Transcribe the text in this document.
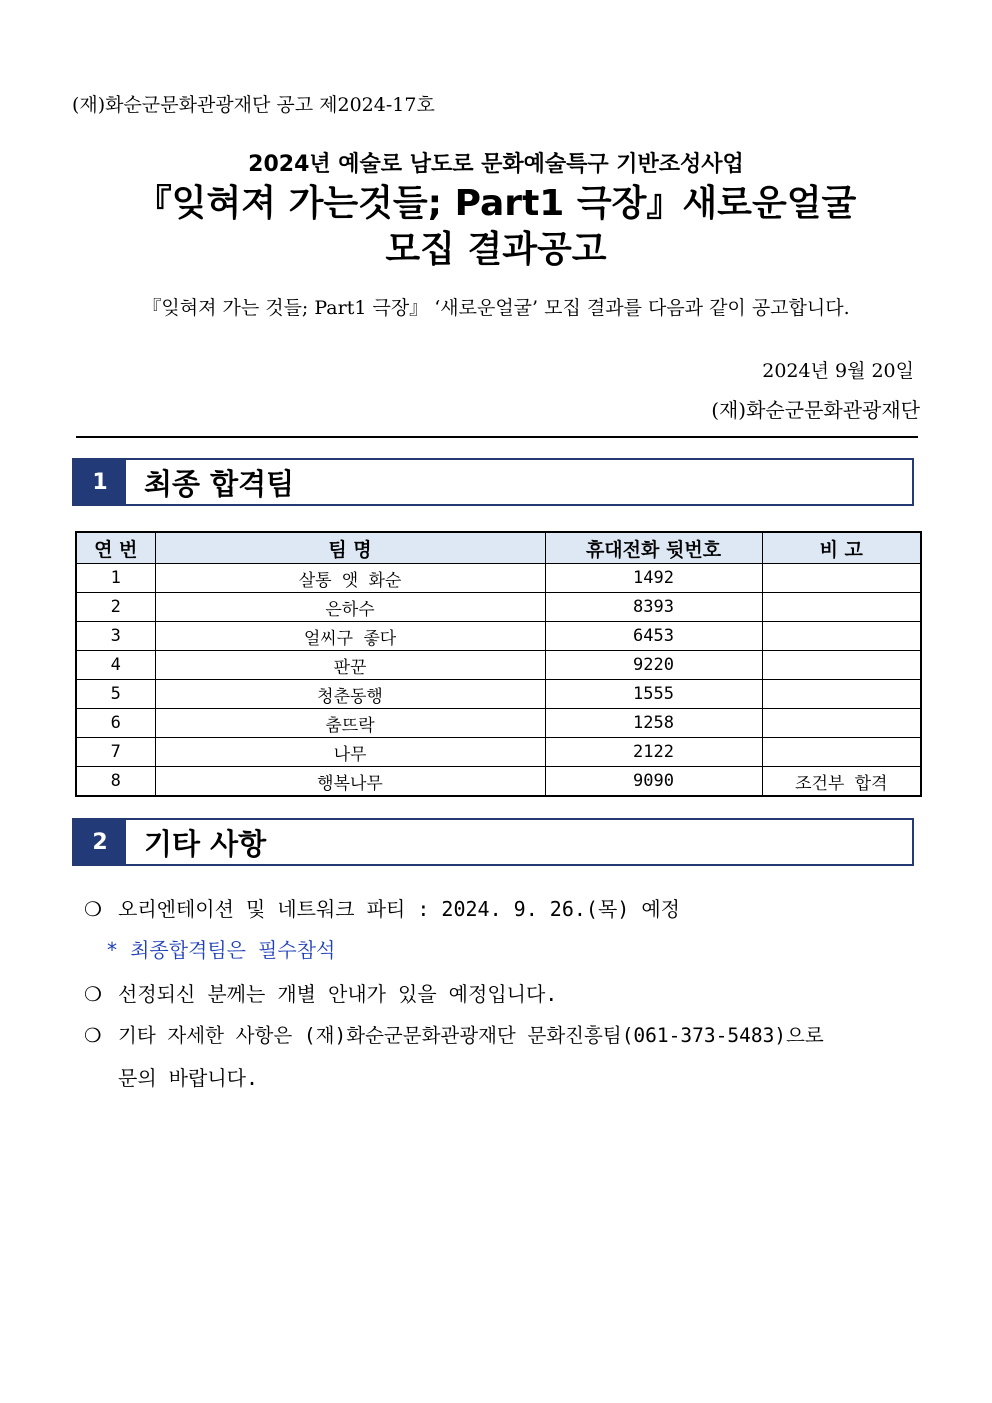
(재)화순군문화관광재단 공고 제2024-17호
2024년 예술로 남도로 문화예술특구 기반조성사업
『잊혀져 가는것들; Part1 극장』새로운얼굴
모집 결과공고
『잊혀져 가는 것들; Part1 극장』 ‘새로운얼굴’ 모집 결과를 다음과 같이 공고합니다.
2024년 9월 20일
(재)화순군문화관광재단
1	최종 합격팀
연 번	팀 명	휴대전화 뒷번호	비 고
1	살통 앳 화순	1492	
2	은하수	8393	
3	얼씨구 좋다	6453	
4	판꾼	9220	
5	청춘동행	1555	
6	춤뜨락	1258	
7	나무	2122	
8	행복나무	9090	조건부 합격
2	기타 사항
❍ 오리엔테이션 및 네트워크 파티 : 2024. 9. 26.(목) 예정
* 최종합격팀은 필수참석
❍ 선정되신 분께는 개별 안내가 있을 예정입니다.
❍ 기타 자세한 사항은 (재)화순군문화관광재단 문화진흥팀(061-373-5483)으로
문의 바랍니다.
